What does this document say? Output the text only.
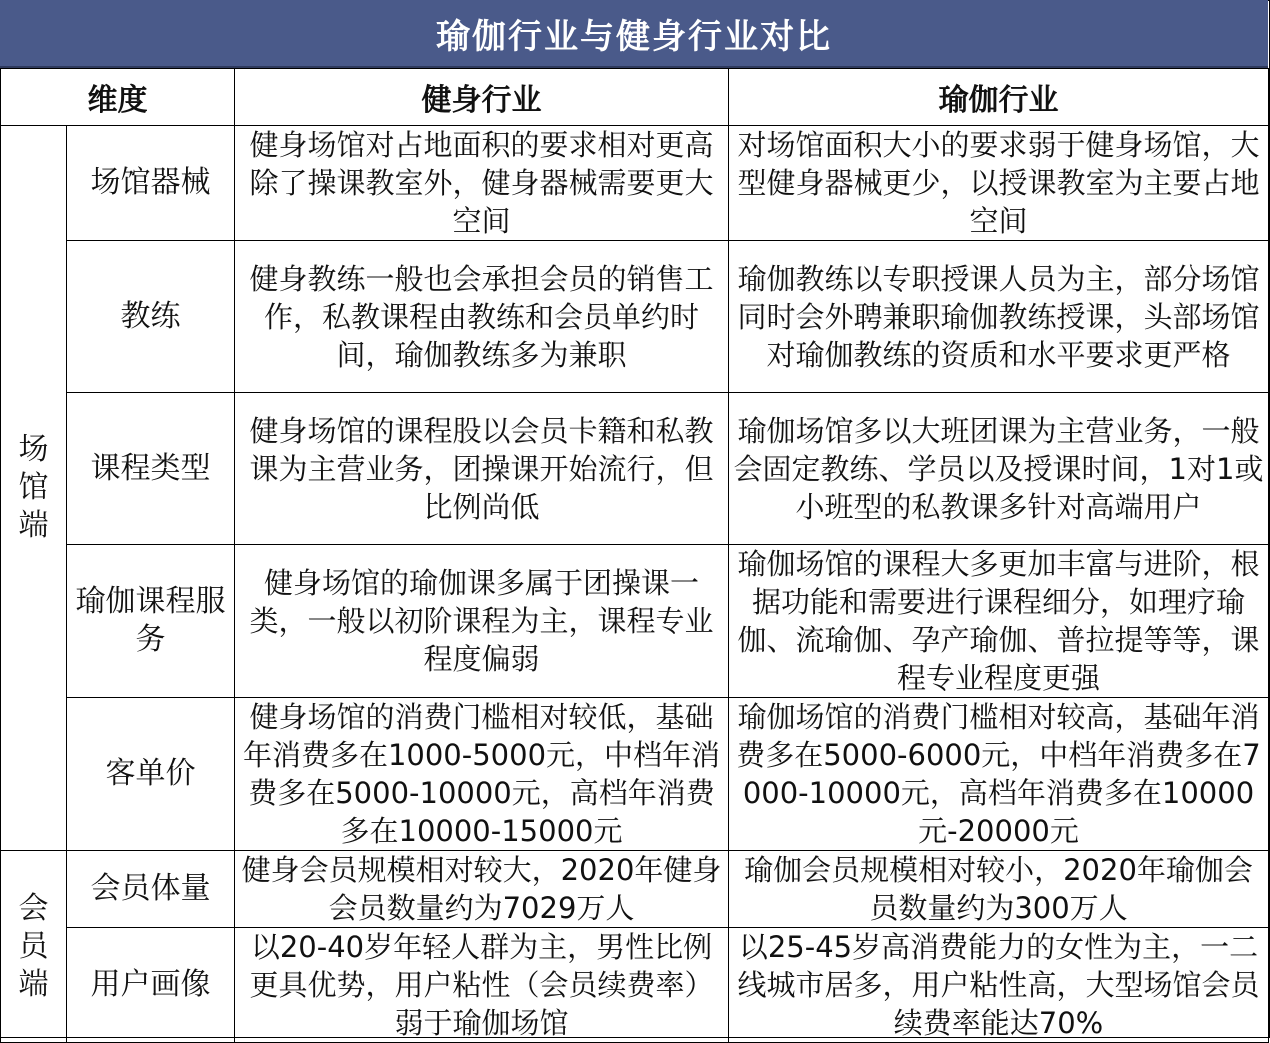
瑜伽行业与健身行业对比
维度		健身行业	瑜伽行业

场
馆
端	场馆器械	健身场馆对占地面积的要求相对更高除了操课教室外，健身器械需要更大空间	对场馆面积大小的要求弱于健身场馆，大型健身器械更少，以授课教室为主要占地空间
	教练	健身教练一般也会承担会员的销售工作，私教课程由教练和会员单约时间，瑜伽教练多为兼职	瑜伽教练以专职授课人员为主，部分场馆同时会外聘兼职瑜伽教练授课，头部场馆对瑜伽教练的资质和水平要求更严格
	课程类型	健身场馆的课程股以会员卡籍和私教课为主营业务，团操课开始流行，但比例尚低	瑜伽场馆多以大班团课为主营业务，一般会固定教练、学员以及授课时间，1对1或小班型的私教课多针对高端用户
	瑜伽课程服务	健身场馆的瑜伽课多属于团操课一类，一般以初阶课程为主，课程专业程度偏弱	瑜伽场馆的课程大多更加丰富与进阶，根据功能和需要进行课程细分，如理疗瑜伽、流瑜伽、孕产瑜伽、普拉提等等，课程专业程度更强
	客单价	健身场馆的消费门槛相对较低，基础年消费多在1000-5000元，中档年消费多在5000-10000元，高档年消费多在10000-15000元	瑜伽场馆的消费门槛相对较高，基础年消费多在5000-6000元，中档年消费多在7000-10000元，高档年消费多在10000元-20000元

会
员
端	会员体量	健身会员规模相对较大，2020年健身会员数量约为7029万人	瑜伽会员规模相对较小，2020年瑜伽会员数量约为300万人
	用户画像	以20-40岁年轻人群为主，男性比例更具优势，用户粘性（会员续费率）弱于瑜伽场馆	以25-45岁高消费能力的女性为主，一二线城市居多，用户粘性高，大型场馆会员续费率能达70%
